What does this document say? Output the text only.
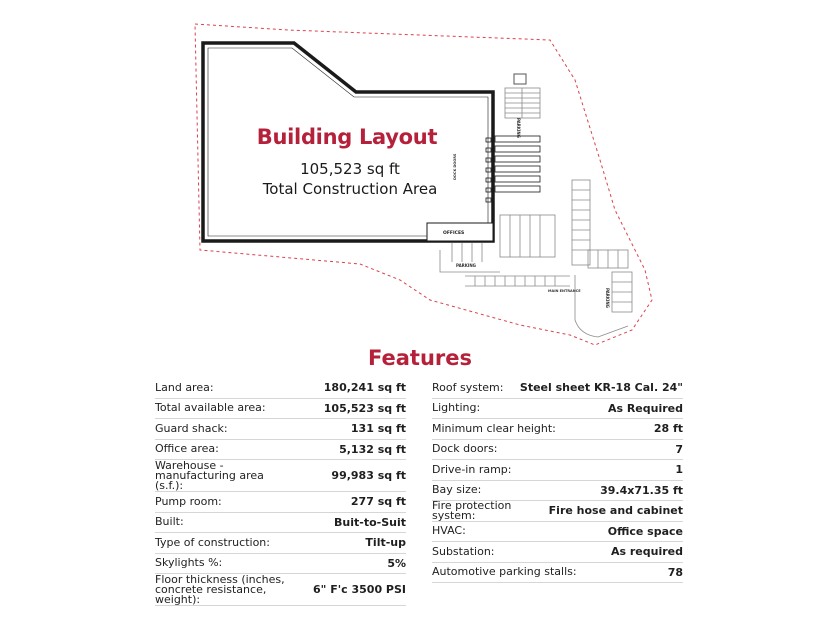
OFFICES
PARKING
PARKING
PARKING
DOCK DOORS
MAIN ENTRANCE
Building Layout
105,523 sq ft
Total Construction Area
Features
Land area:	180,241 sq ft
Total available area:	105,523 sq ft
Guard shack:	131 sq ft
Office area:	5,132 sq ft
Warehouse - manufacturing area (s.f.):
99,983 sq ft
Pump room:	277 sq ft
Built:	Buit-to-Suit
Type of construction:	Tilt-up
Skylights %:	5%
Floor thickness (inches, concrete resistance, weight):
6" F'c 3500 PSI
Roof system: Steel sheet KR-18 Cal. 24"
Lighting:	As Required
Minimum clear height:	28 ft
Dock doors:	7
Drive-in ramp:	1
Bay size:	39.4x71.35 ft
Fire protection system:	Fire hose and cabinet
HVAC:	Office space
Substation:	As required
Automotive parking stalls:	78
